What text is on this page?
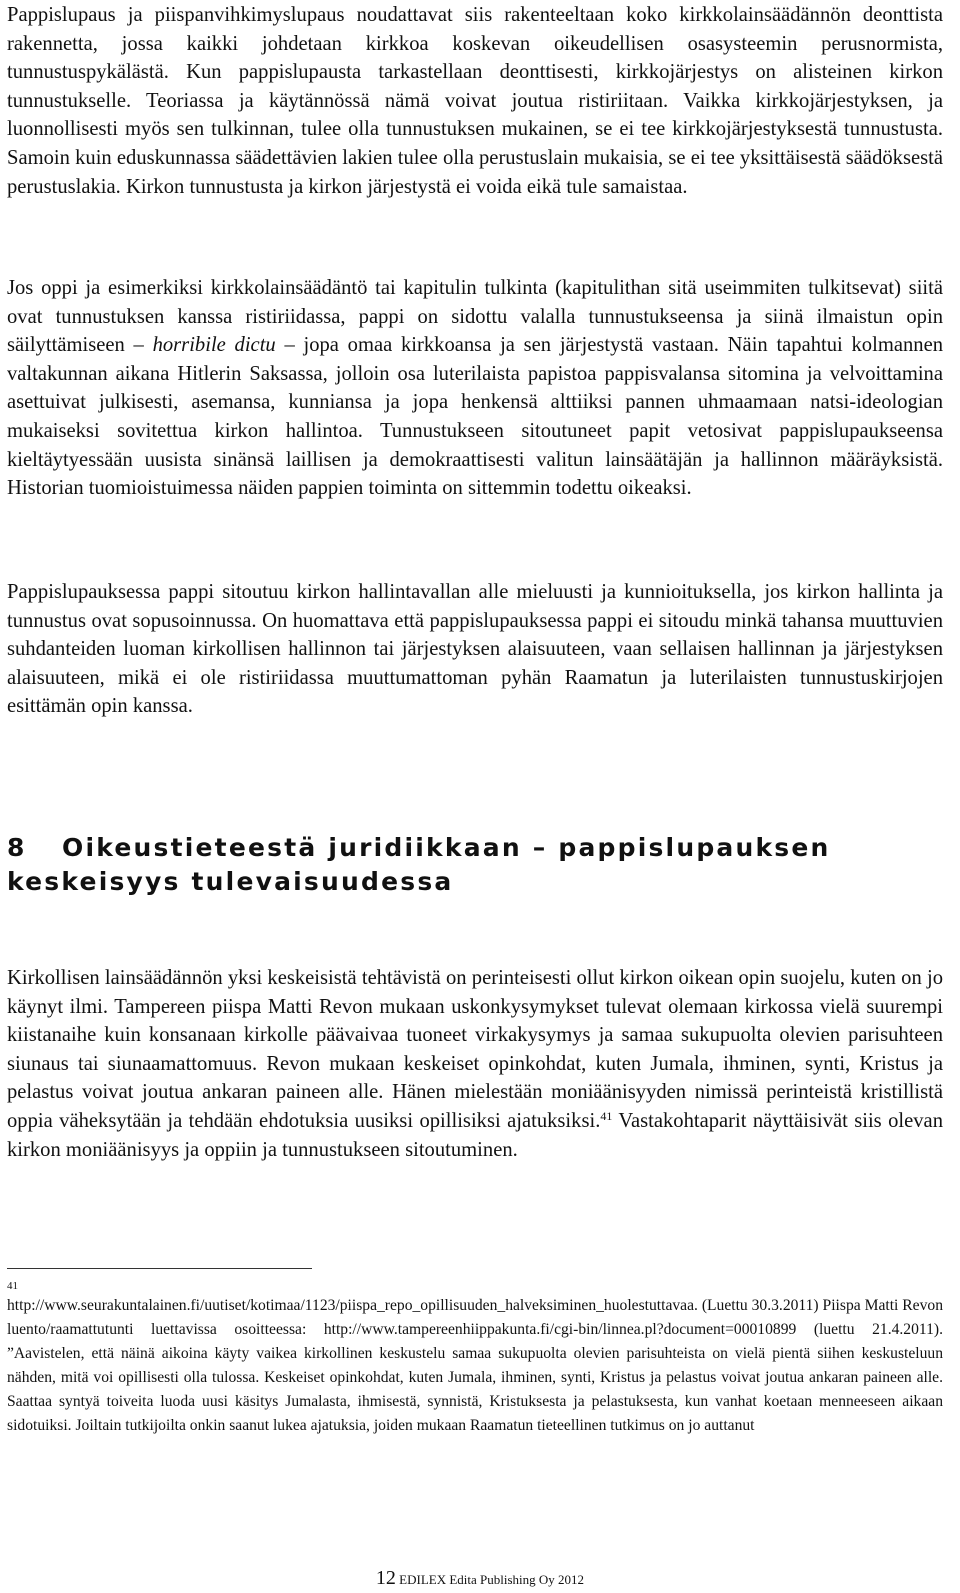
Pappislupaus ja piispanvihkimyslupaus noudattavat siis rakenteeltaan koko kirkkolainsäädännön deonttista rakennetta, jossa kaikki johdetaan kirkkoa koskevan oikeudellisen osasysteemin perusnormista, tunnustuspykälästä. Kun pappislupausta tarkastellaan deonttisesti, kirkkojärjestys on alisteinen kirkon tunnustukselle. Teoriassa ja käytännössä nämä voivat joutua ristiriitaan. Vaikka kirkkojärjestyksen, ja luonnollisesti myös sen tulkinnan, tulee olla tunnustuksen mukainen, se ei tee kirkkojärjestyksestä tunnustusta. Samoin kuin eduskunnassa säädettävien lakien tulee olla perustuslain mukaisia, se ei tee yksittäisestä säädöksestä perustuslakia. Kirkon tunnustusta ja kirkon järjestystä ei voida eikä tule samaistaa.

Jos oppi ja esimerkiksi kirkkolainsäädäntö tai kapitulin tulkinta (kapitulithan sitä useimmiten tulkitsevat) siitä ovat tunnustuksen kanssa ristiriidassa, pappi on sidottu valalla tunnustukseensa ja siinä ilmaistun opin säilyttämiseen – horribile dictu – jopa omaa kirkkoansa ja sen järjestystä vastaan. Näin tapahtui kolmannen valtakunnan aikana Hitlerin Saksassa, jolloin osa luterilaista papistoa pappisvalansa sitomina ja velvoittamina asettuivat julkisesti, asemansa, kunniansa ja jopa henkensä alttiiksi pannen uhmaamaan natsi-ideologian mukaiseksi sovitettua kirkon hallintoa. Tunnustukseen sitoutuneet papit vetosivat pappislupaukseensa kieltäytyessään uusista sinänsä laillisen ja demokraattisesti valitun lainsäätäjän ja hallinnon määräyksistä. Historian tuomioistuimessa näiden pappien toiminta on sittemmin todettu oikeaksi.

Pappislupauksessa pappi sitoutuu kirkon hallintavallan alle mieluusti ja kunnioituksella, jos kirkon hallinta ja tunnustus ovat sopusoinnussa. On huomattava että pappislupauksessa pappi ei sitoudu minkä tahansa muuttuvien suhdanteiden luoman kirkollisen hallinnon tai järjestyksen alaisuuteen, vaan sellaisen hallinnan ja järjestyksen alaisuuteen, mikä ei ole ristiriidassa muuttumattoman pyhän Raamatun ja luterilaisten tunnustuskirjojen esittämän opin kanssa.

8 Oikeustieteestä juridiikkaan – pappislupauksen keskeisyys tulevaisuudessa

Kirkollisen lainsäädännön yksi keskeisistä tehtävistä on perinteisesti ollut kirkon oikean opin suojelu, kuten on jo käynyt ilmi. Tampereen piispa Matti Revon mukaan uskonkysymykset tulevat olemaan kirkossa vielä suurempi kiistanaihe kuin konsanaan kirkolle päävaivaa tuoneet virkakysymys ja samaa sukupuolta olevien parisuhteen siunaus tai siunaamattomuus. Revon mukaan keskeiset opinkohdat, kuten Jumala, ihminen, synti, Kristus ja pelastus voivat joutua ankaran paineen alle. Hänen mielestään moniäänisyyden nimissä perinteistä kristillistä oppia väheksytään ja tehdään ehdotuksia uusiksi opillisiksi ajatuksiksi.$^{41}$ Vastakohtaparit näyttäisivät siis olevan kirkon moniäänisyys ja oppiin ja tunnustukseen sitoutuminen.

41

http://www.seurakuntalainen.fi/uutiset/kotimaa/1123/piispa_repo_opillisuuden_halveksiminen_huolestuttavaa. (Luettu 30.3.2011) Piispa Matti Revon luento/raamattutunti luettavissa osoitteessa: http://www.tampereenhiippakunta.fi/cgi-bin/linnea.pl?document=00010899 (luettu 21.4.2011). ”Aavistelen, että näinä aikoina käyty vaikea kirkollinen keskustelu samaa sukupuolta olevien parisuhteista on vielä pientä siihen keskusteluun nähden, mitä voi opillisesti olla tulossa. Keskeiset opinkohdat, kuten Jumala, ihminen, synti, Kristus ja pelastus voivat joutua ankaran paineen alle. Saattaa syntyä toiveita luoda uusi käsitys Jumalasta, ihmisestä, synnistä, Kristuksesta ja pelastuksesta, kun vanhat koetaan menneeseen aikaan sidotuiksi. Joiltain tutkijoilta onkin saanut lukea ajatuksia, joiden mukaan Raamatun tieteellinen tutkimus on jo auttanut

12 EDILEX Edita Publishing Oy 2012
